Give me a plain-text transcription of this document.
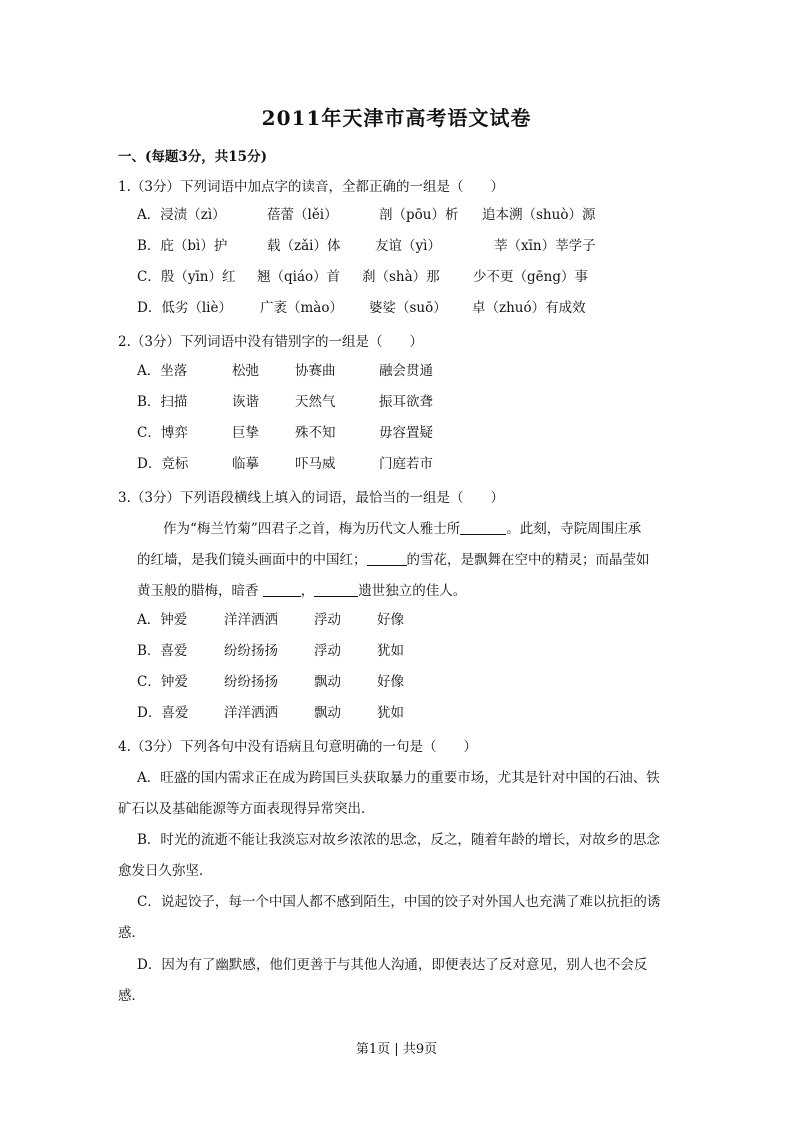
2011年天津市高考语文试卷
一、(每题3分，共15分)
1.（3分）下列词语中加点字的读音，全都正确的一组是（　　）
A．浸渍（zì）	蓓蕾（lěi）	剖（pōu）析 追本溯（shuò）源
B．庇（bì）护	载（zǎi）体	友谊（yì）	莘（xīn）莘学子
C．殷（yīn）红 翘（qiáo）首 刹（shà）那 少不更（gēng）事
D．低劣（liè） 广袤（mào） 婆娑（suō） 卓（zhuó）有成效
2.（3分）下列词语中没有错别字的一组是（　　）
A．坐落	松弛	协赛曲	融会贯通
B．扫描	诙谐	天然气	振耳欲聋
C．博弈	巨挚	殊不知	毋容置疑
D．竞标	临摹	吓马威	门庭若市
3.（3分）下列语段横线上填入的词语，最恰当的一组是（　　）
作为“梅兰竹菊”四君子之首，梅为历代文人雅士所	。此刻，寺院周围庄承
的红墙，是我们镜头画面中的中国红；	的雪花，是飘舞在空中的精灵；而晶莹如
黄玉般的腊梅，暗香	，	遗世独立的佳人。
A．钟爱	洋洋洒洒	浮动	好像
B．喜爱	纷纷扬扬	浮动	犹如
C．钟爱	纷纷扬扬	飘动	好像
D．喜爱	洋洋洒洒	飘动	犹如
4.（3分）下列各句中没有语病且句意明确的一句是（　　）
A．旺盛的国内需求正在成为跨国巨头获取暴力的重要市场，尤其是针对中国的石油、铁
矿石以及基础能源等方面表现得异常突出．
B．时光的流逝不能让我淡忘对故乡浓浓的思念，反之，随着年龄的增长，对故乡的思念
愈发日久弥坚．
C．说起饺子，每一个中国人都不感到陌生，中国的饺子对外国人也充满了难以抗拒的诱
惑．
D．因为有了幽默感，他们更善于与其他人沟通，即便表达了反对意见，别人也不会反
感．
第1页 | 共9页
